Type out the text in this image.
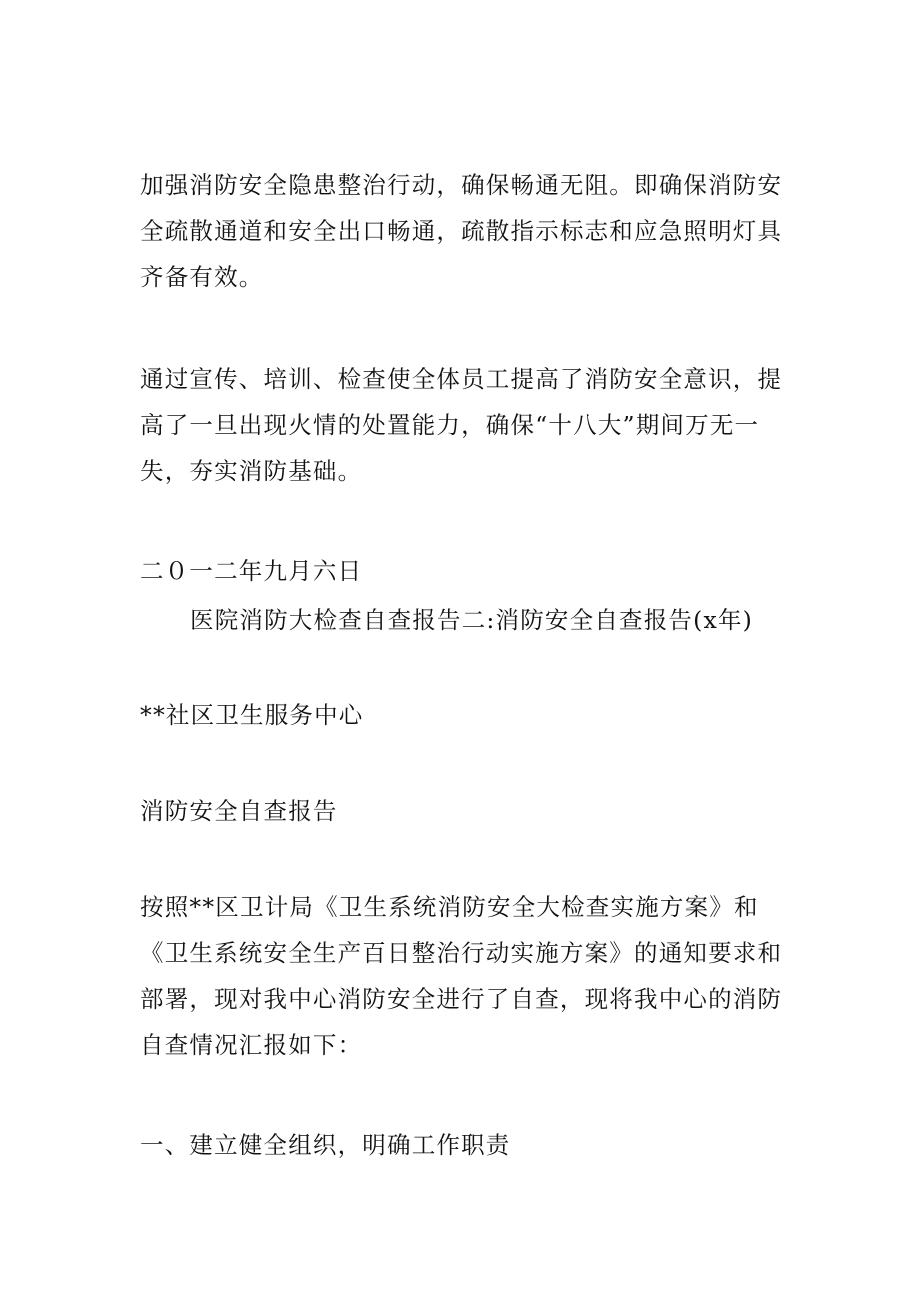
加强消防安全隐患整治行动，确保畅通无阻。即确保消防安全疏散通道和安全出口畅通，疏散指示标志和应急照明灯具齐备有效。

通过宣传、培训、检查使全体员工提高了消防安全意识，提高了一旦出现火情的处置能力，确保“十八大”期间万无一失，夯实消防基础。

二０一二年九月六日

医院消防大检查自查报告二:消防安全自查报告(x年)

**社区卫生服务中心

消防安全自查报告

按照**区卫计局《卫生系统消防安全大检查实施方案》和《卫生系统安全生产百日整治行动实施方案》的通知要求和部署，现对我中心消防安全进行了自查，现将我中心的消防自查情况汇报如下：

一、建立健全组织，明确工作职责
